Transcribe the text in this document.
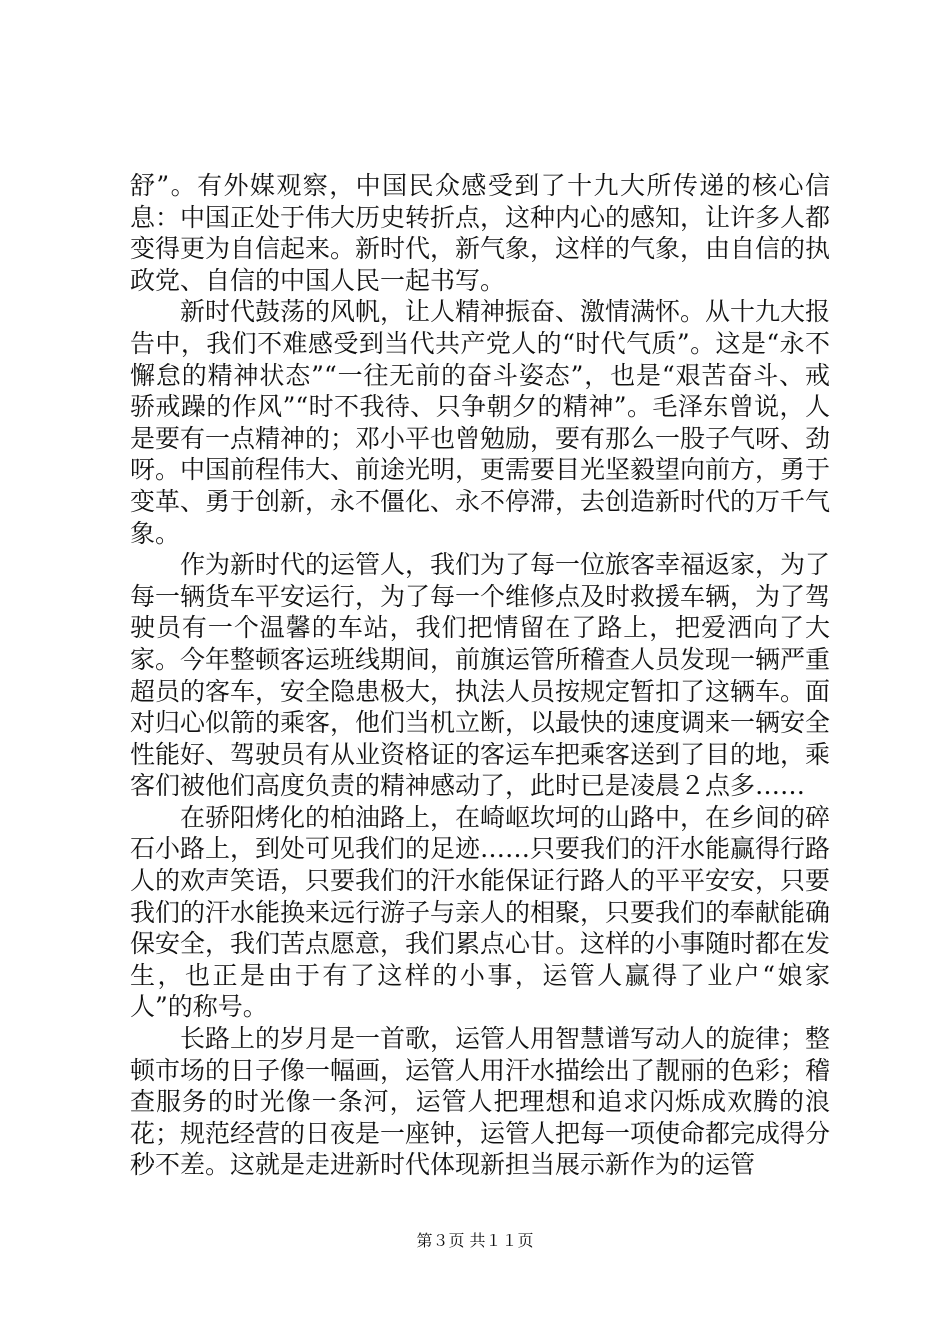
舒”。有外媒观察，中国民众感受到了十九大所传递的核心信息：中国正处于伟大历史转折点，这种内心的感知，让许多人都变得更为自信起来。新时代，新气象，这样的气象，由自信的执政党、自信的中国人民一起书写。

新时代鼓荡的风帆，让人精神振奋、激情满怀。从十九大报告中，我们不难感受到当代共产党人的“时代气质”。这是“永不懈怠的精神状态”“一往无前的奋斗姿态”，也是“艰苦奋斗、戒骄戒躁的作风”“时不我待、只争朝夕的精神”。毛泽东曾说，人是要有一点精神的；邓小平也曾勉励，要有那么一股子气呀、劲呀。中国前程伟大、前途光明，更需要目光坚毅望向前方，勇于变革、勇于创新，永不僵化、永不停滞，去创造新时代的万千气象。

作为新时代的运管人，我们为了每一位旅客幸福返家，为了每一辆货车平安运行，为了每一个维修点及时救援车辆，为了驾驶员有一个温馨的车站，我们把情留在了路上，把爱洒向了大家。今年整顿客运班线期间，前旗运管所稽查人员发现一辆严重超员的客车，安全隐患极大，执法人员按规定暂扣了这辆车。面对归心似箭的乘客，他们当机立断，以最快的速度调来一辆安全性能好、驾驶员有从业资格证的客运车把乘客送到了目的地，乘客们被他们高度负责的精神感动了，此时已是凌晨２点多……

在骄阳烤化的柏油路上，在崎岖坎坷的山路中，在乡间的碎石小路上，到处可见我们的足迹……只要我们的汗水能赢得行路人的欢声笑语，只要我们的汗水能保证行路人的平平安安，只要我们的汗水能换来远行游子与亲人的相聚，只要我们的奉献能确保安全，我们苦点愿意，我们累点心甘。这样的小事随时都在发生，也正是由于有了这样的小事，运管人赢得了业户“娘家人”的称号。

长路上的岁月是一首歌，运管人用智慧谱写动人的旋律；整顿市场的日子像一幅画，运管人用汗水描绘出了靓丽的色彩；稽查服务的时光像一条河，运管人把理想和追求闪烁成欢腾的浪花；规范经营的日夜是一座钟，运管人把每一项使命都完成得分秒不差。这就是走进新时代体现新担当展示新作为的运管

第３页 共１１页
